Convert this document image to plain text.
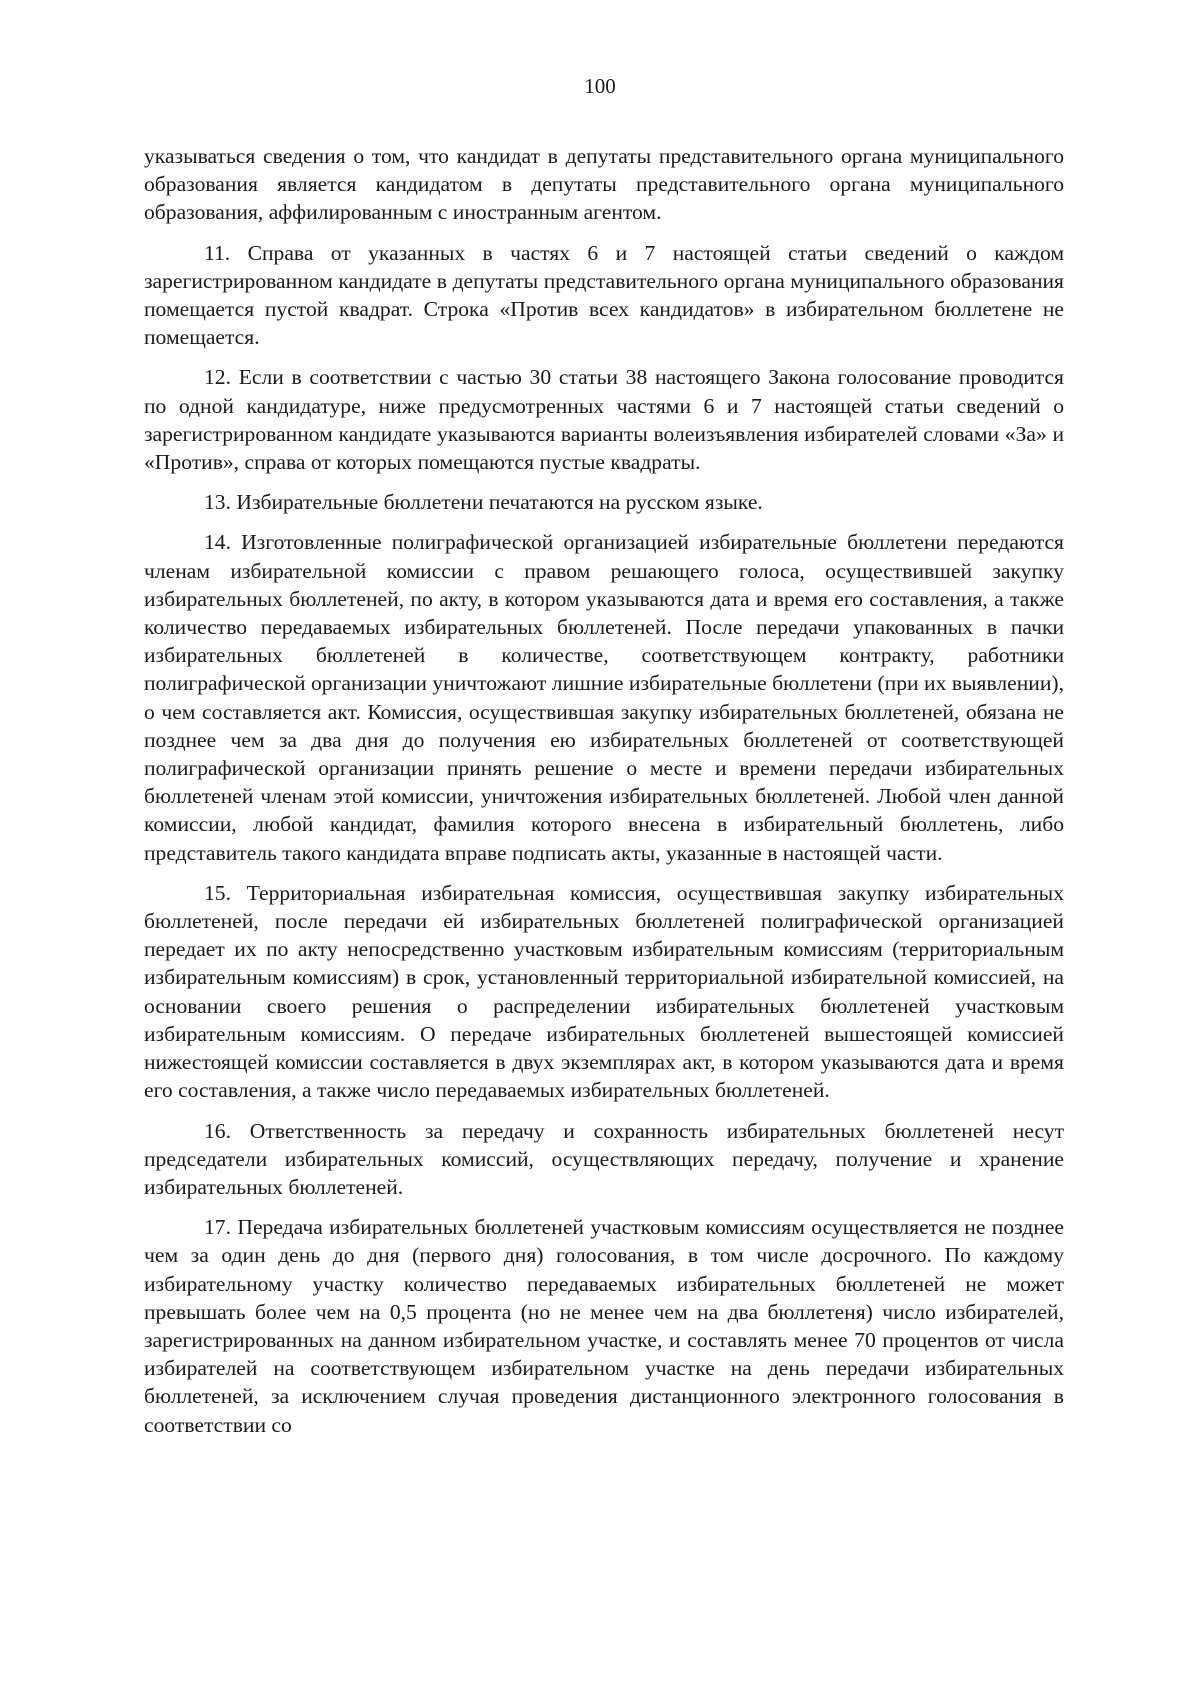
100

указываться сведения о том, что кандидат в депутаты представительного органа муниципального образования является кандидатом в депутаты представительного органа муниципального образования, аффилированным с иностранным агентом.

11. Справа от указанных в частях 6 и 7 настоящей статьи сведений о каждом зарегистрированном кандидате в депутаты представительного органа муниципального образования помещается пустой квадрат. Строка «Против всех кандидатов» в избирательном бюллетене не помещается.

12. Если в соответствии с частью 30 статьи 38 настоящего Закона голосование проводится по одной кандидатуре, ниже предусмотренных частями 6 и 7 настоящей статьи сведений о зарегистрированном кандидате указываются варианты волеизъявления избирателей словами «За» и «Против», справа от которых помещаются пустые квадраты.

13. Избирательные бюллетени печатаются на русском языке.

14. Изготовленные полиграфической организацией избирательные бюллетени передаются членам избирательной комиссии с правом решающего голоса, осуществившей закупку избирательных бюллетеней, по акту, в котором указываются дата и время его составления, а также количество передаваемых избирательных бюллетеней. После передачи упакованных в пачки избирательных бюллетеней в количестве, соответствующем контракту, работники полиграфической организации уничтожают лишние избирательные бюллетени (при их выявлении), о чем составляется акт. Комиссия, осуществившая закупку избирательных бюллетеней, обязана не позднее чем за два дня до получения ею избирательных бюллетеней от соответствующей полиграфической организации принять решение о месте и времени передачи избирательных бюллетеней членам этой комиссии, уничтожения избирательных бюллетеней. Любой член данной комиссии, любой кандидат, фамилия которого внесена в избирательный бюллетень, либо представитель такого кандидата вправе подписать акты, указанные в настоящей части.

15. Территориальная избирательная комиссия, осуществившая закупку избирательных бюллетеней, после передачи ей избирательных бюллетеней полиграфической организацией передает их по акту непосредственно участковым избирательным комиссиям (территориальным избирательным комиссиям) в срок, установленный территориальной избирательной комиссией, на основании своего решения о распределении избирательных бюллетеней участковым избирательным комиссиям. О передаче избирательных бюллетеней вышестоящей комиссией нижестоящей комиссии составляется в двух экземплярах акт, в котором указываются дата и время его составления, а также число передаваемых избирательных бюллетеней.

16. Ответственность за передачу и сохранность избирательных бюллетеней несут председатели избирательных комиссий, осуществляющих передачу, получение и хранение избирательных бюллетеней.

17. Передача избирательных бюллетеней участковым комиссиям осуществляется не позднее чем за один день до дня (первого дня) голосования, в том числе досрочного. По каждому избирательному участку количество передаваемых избирательных бюллетеней не может превышать более чем на 0,5 процента (но не менее чем на два бюллетеня) число избирателей, зарегистрированных на данном избирательном участке, и составлять менее 70 процентов от числа избирателей на соответствующем избирательном участке на день передачи избирательных бюллетеней, за исключением случая проведения дистанционного электронного голосования в соответствии со
